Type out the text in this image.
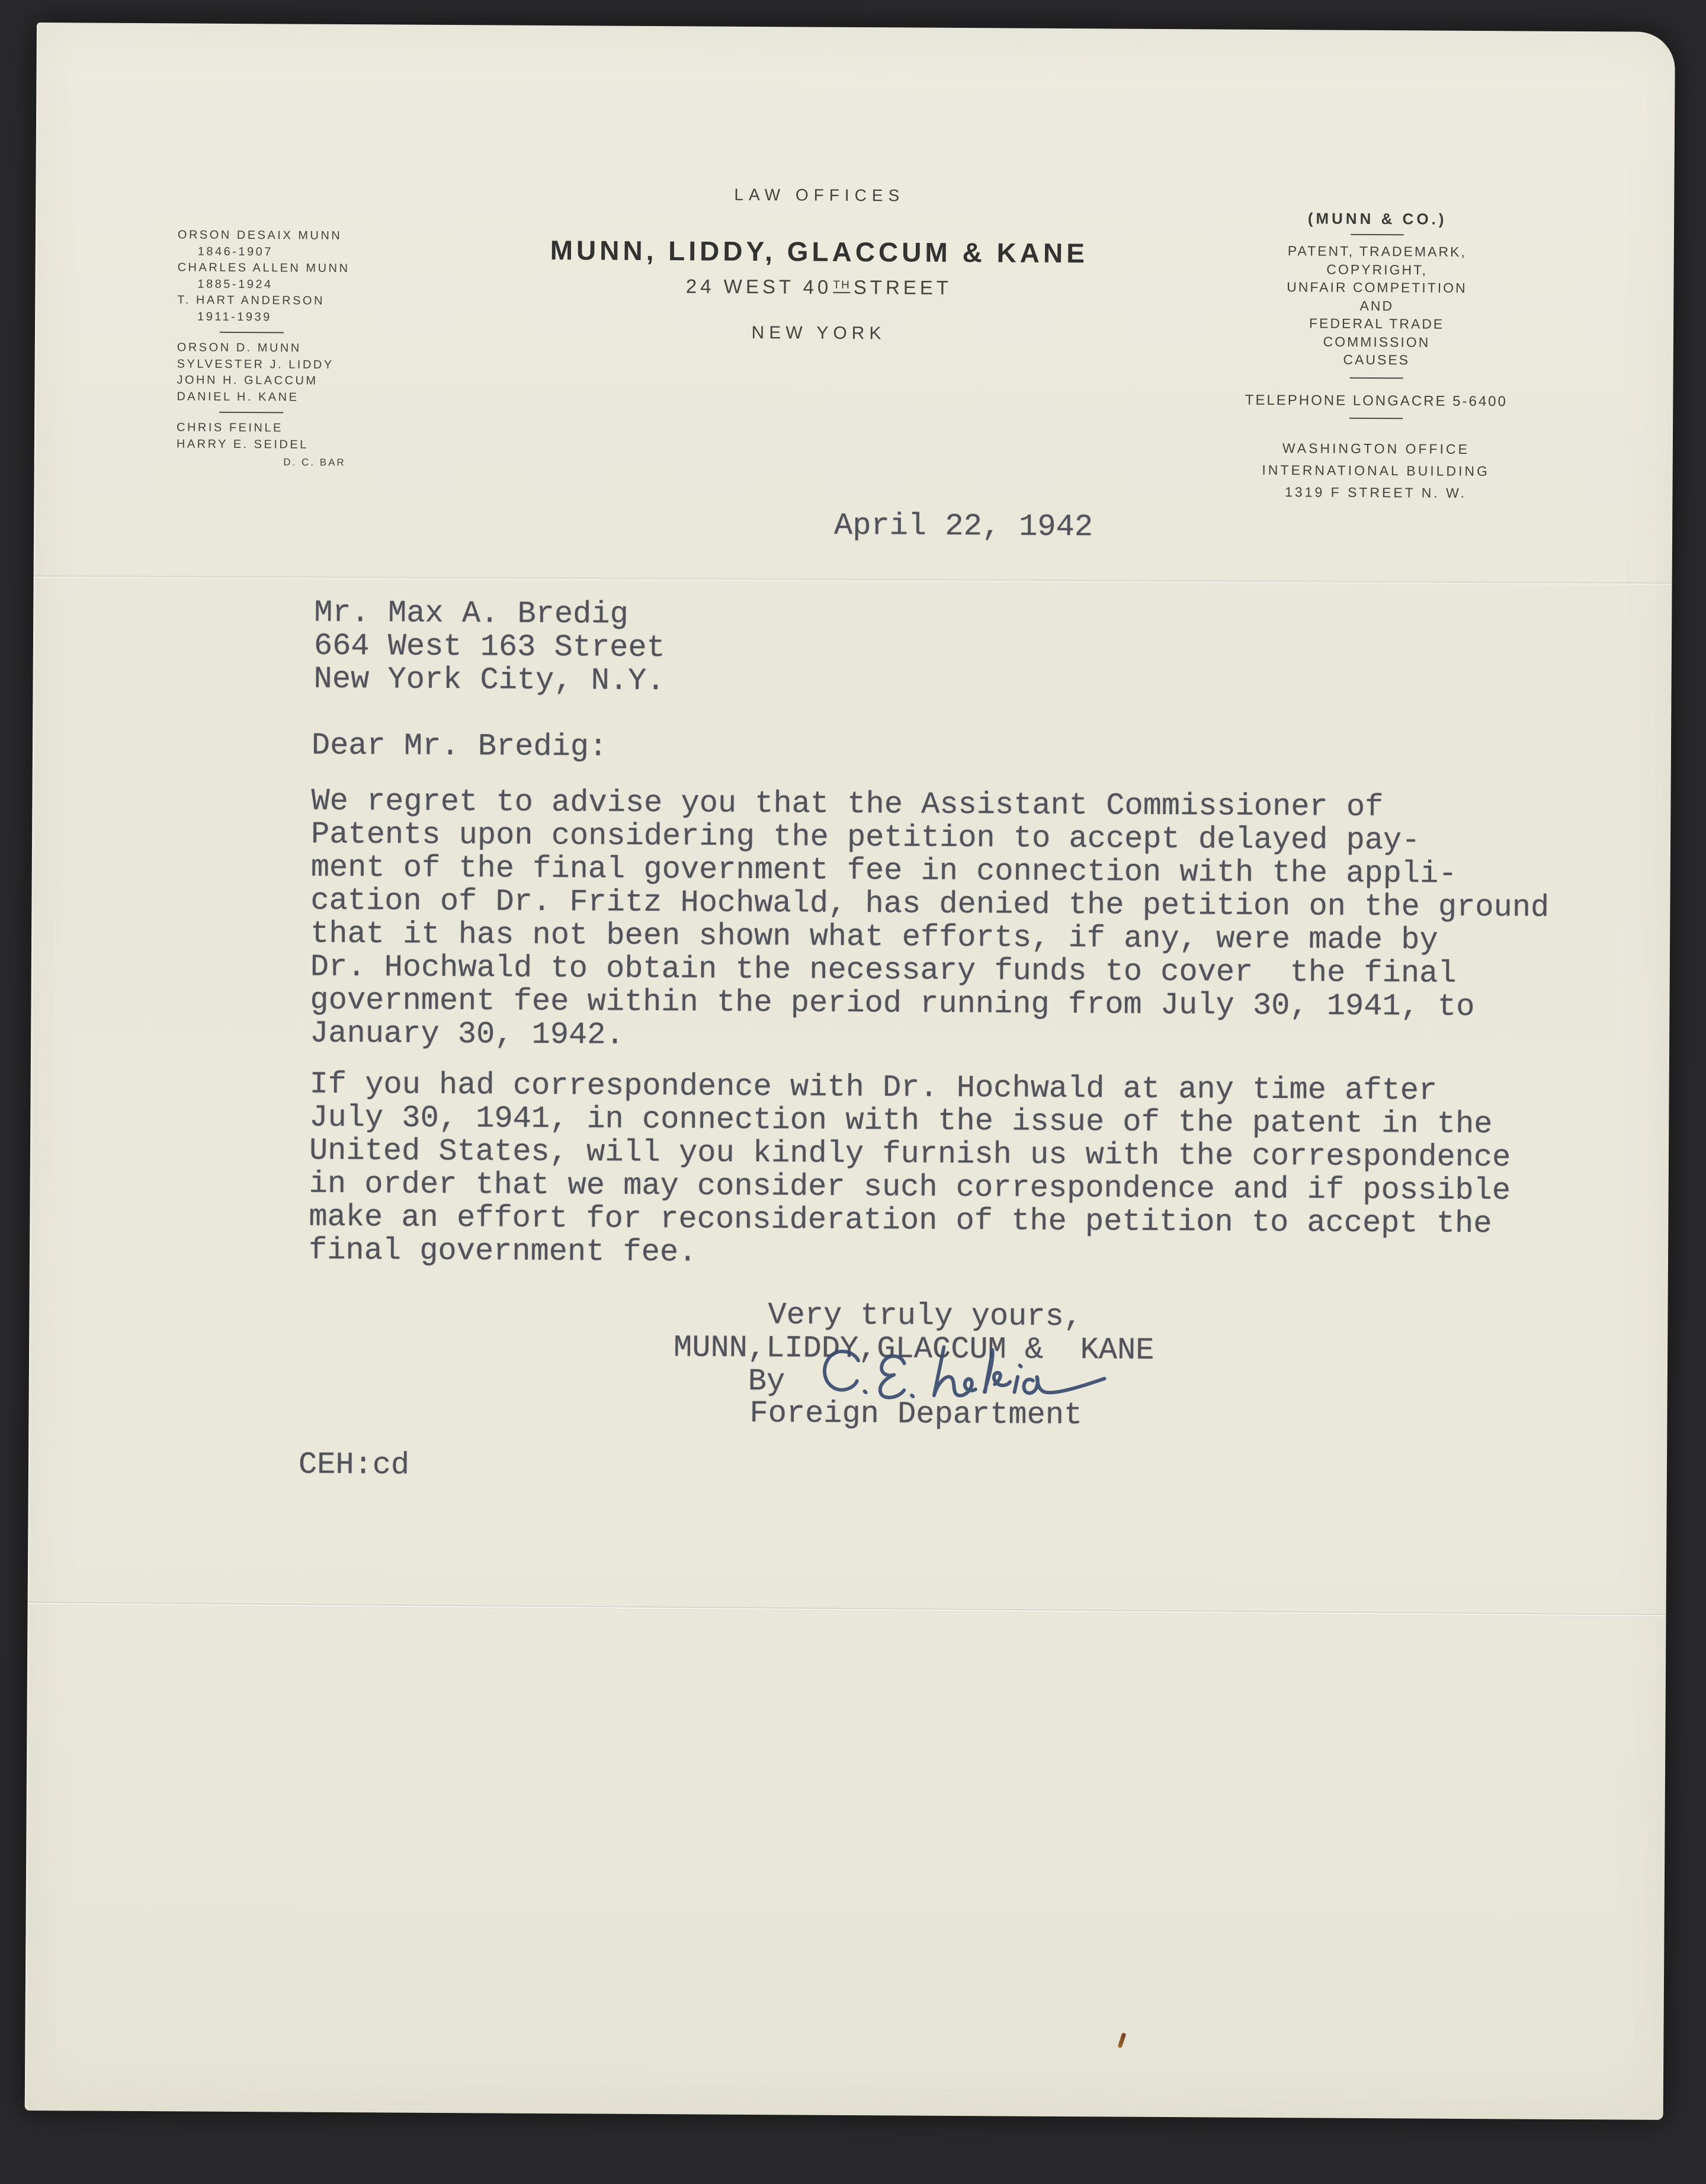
ORSON DESAIX MUNN
1846-1907
CHARLES ALLEN MUNN
1885-1924
T. HART ANDERSON
1911-1939
ORSON D. MUNN
SYLVESTER J. LIDDY
JOHN H. GLACCUM
DANIEL H. KANE
CHRIS FEINLE
HARRY E. SEIDEL
D. C. BAR
LAW OFFICES
MUNN, LIDDY, GLACCUM & KANE
24 WEST 40TH STREET
NEW YORK
(MUNN & CO.)
PATENT, TRADEMARK,
COPYRIGHT,
UNFAIR COMPETITION
AND
FEDERAL TRADE
COMMISSION
CAUSES
TELEPHONE LONGACRE 5-6400
WASHINGTON OFFICE
INTERNATIONAL BUILDING
1319 F STREET N. W.
April 22, 1942
Mr. Max A. Bredig
664 West 163 Street
New York City, N.Y.
Dear Mr. Bredig:
We regret to advise you that the Assistant Commissioner of
Patents upon considering the petition to accept delayed pay-
ment of the final government fee in connection with the appli-
cation of Dr. Fritz Hochwald, has denied the petition on the ground
that it has not been shown what efforts, if any, were made by
Dr. Hochwald to obtain the necessary funds to cover  the final
government fee within the period running from July 30, 1941, to
January 30, 1942.
If you had correspondence with Dr. Hochwald at any time after
July 30, 1941, in connection with the issue of the patent in the
United States, will you kindly furnish us with the correspondence
in order that we may consider such correspondence and if possible
make an effort for reconsideration of the petition to accept the
final government fee.
Very truly yours,
MUNN,LIDDY,GLACCUM &  KANE
By
Foreign Department
CEH:cd
